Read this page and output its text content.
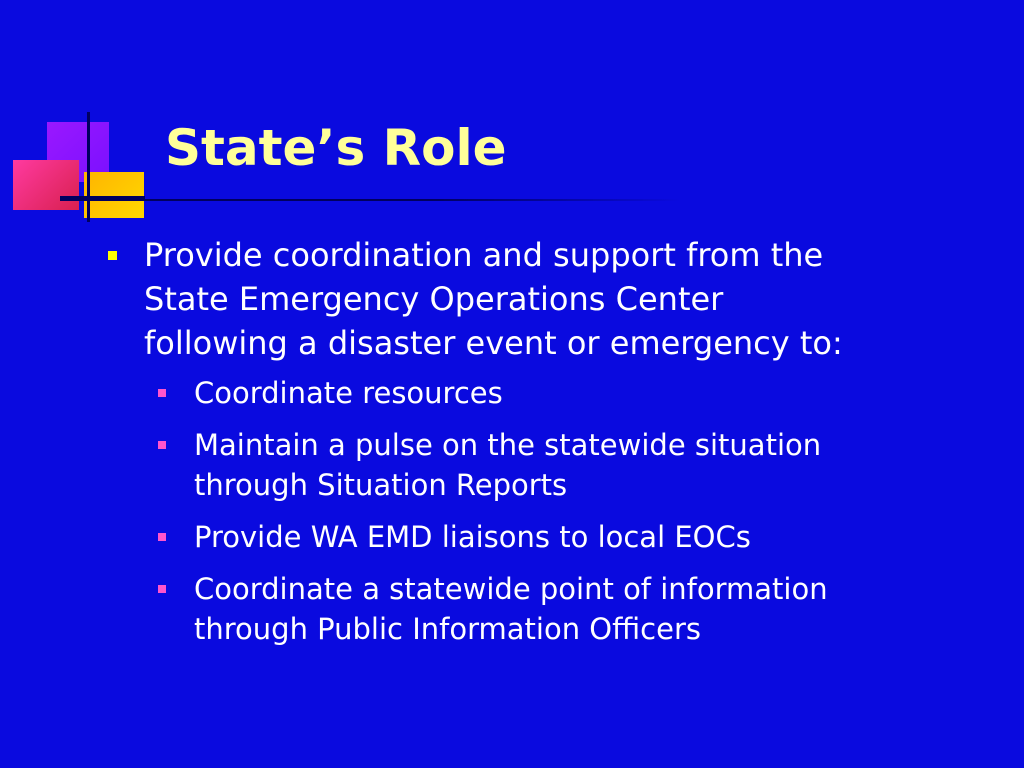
State’s Role
Provide coordination and support from the
State Emergency Operations Center
following a disaster event or emergency to:
Coordinate resources
Maintain a pulse on the statewide situation
through Situation Reports
Provide WA EMD liaisons to local EOCs
Coordinate a statewide point of information
through Public Information Officers
